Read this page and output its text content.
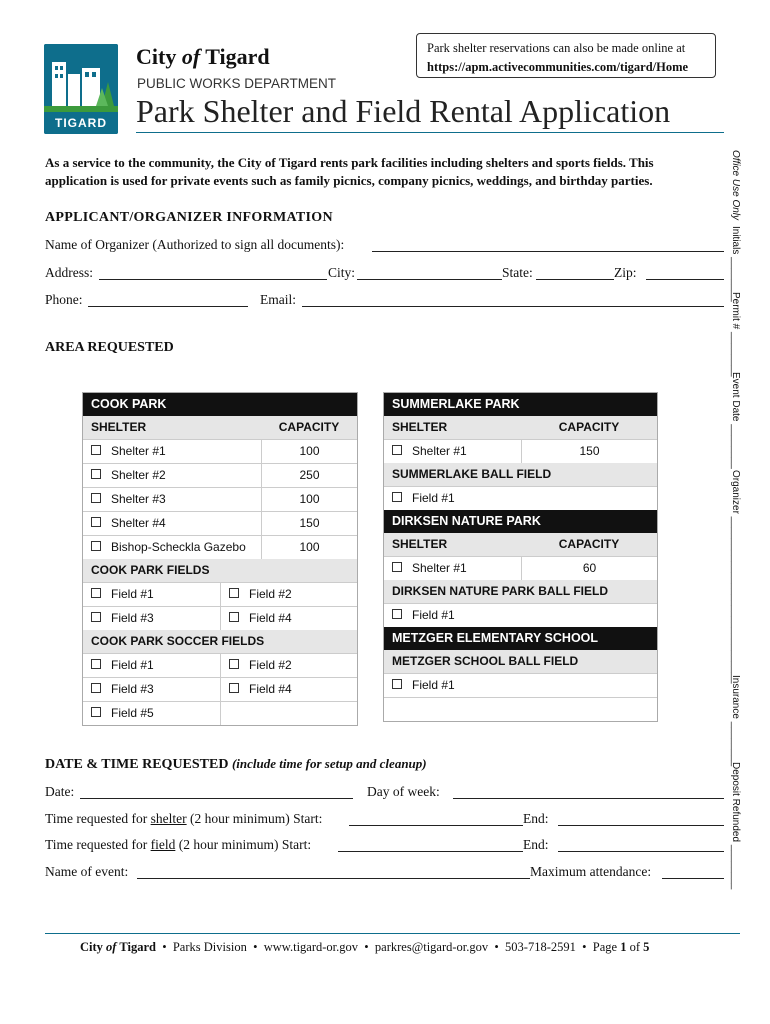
TIGARD
City of Tigard
PUBLIC WORKS DEPARTMENT
Park Shelter and Field Rental Application
Park shelter reservations can also be made online at
https://apm.activecommunities.com/tigard/Home
As a service to the community, the City of Tigard rents park facilities including shelters and sports fields. This application is used for private events such as family picnics, company picnics, weddings, and birthday parties.
APPLICANT/ORGANIZER INFORMATION
Name of Organizer (Authorized to sign all documents):
Address:	City:	State:	Zip:
Phone:	Email:
AREA REQUESTED
COOK PARK
SHELTER	CAPACITY
Shelter #1	100
Shelter #2	250
Shelter #3	100
Shelter #4	150
Bishop-Scheckla Gazebo	100
COOK PARK FIELDS
Field #1	Field #2
Field #3	Field #4
COOK PARK SOCCER FIELDS
Field #1	Field #2
Field #3	Field #4
Field #5
SUMMERLAKE PARK
SHELTER	CAPACITY
Shelter #1	150
SUMMERLAKE BALL FIELD
Field #1
DIRKSEN NATURE PARK
SHELTER	CAPACITY
Shelter #1	60
DIRKSEN NATURE PARK BALL FIELD
Field #1
METZGER ELEMENTARY SCHOOL
METZGER SCHOOL BALL FIELD
Field #1
DATE & TIME REQUESTED (include time for setup and cleanup)
Date:	Day of week:
Time requested for shelter (2 hour minimum) Start:	End:
Time requested for field (2 hour minimum) Start:	End:
Name of event:	Maximum attendance:
Office Use Only
Initials ________
Permit # ________
Event Date ________
Organizer ______________________________
Insurance ________
Deposit Refunded ________
City of Tigard  •  Parks Division  •  www.tigard-or.gov  •  parkres@tigard-or.gov  •  503-718-2591  •  Page 1 of 5
